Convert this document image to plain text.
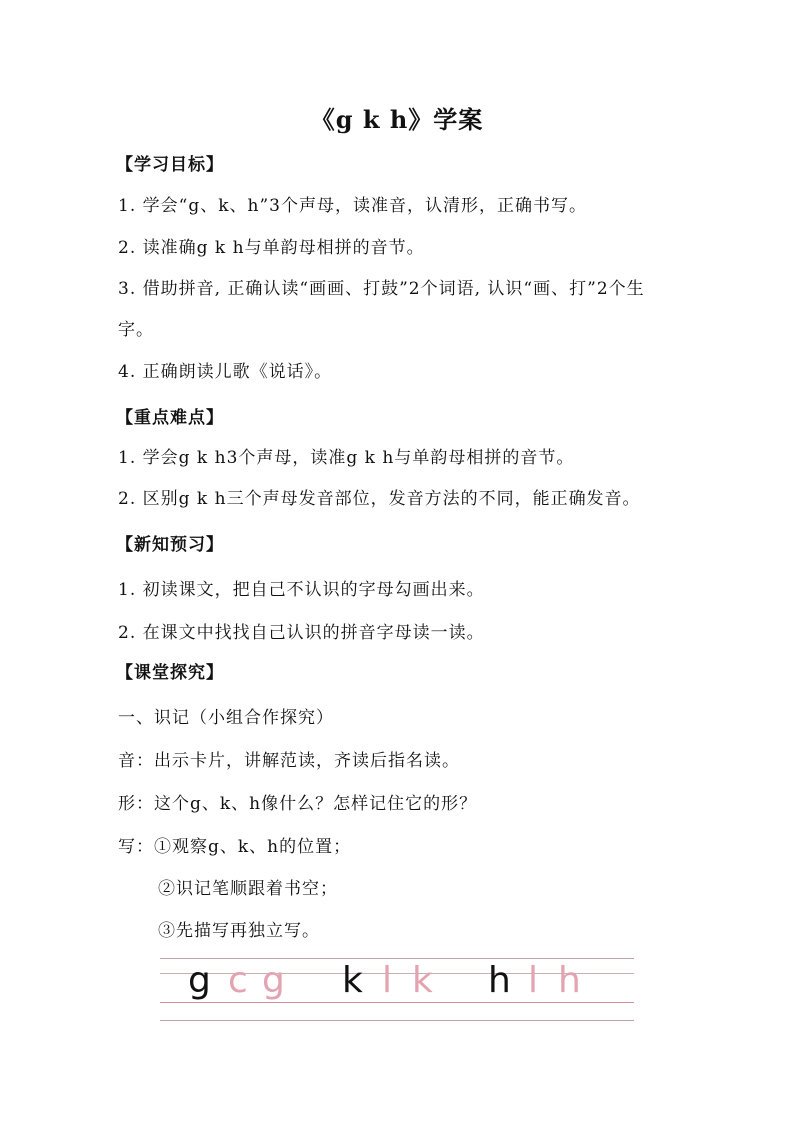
《g k h》学案
【学习目标】
1. 学会“g、k、h”3个声母，读准音，认清形，正确书写。
2. 读准确g k h与单韵母相拼的音节。
3. 借助拼音, 正确认读“画画、打鼓”2个词语, 认识“画、打”2个生
字。
4. 正确朗读儿歌《说话》。
【重点难点】
1. 学会g k h3个声母，读准g k h与单韵母相拼的音节。
2. 区别g k h三个声母发音部位，发音方法的不同，能正确发音。
【新知预习】
1. 初读课文，把自己不认识的字母勾画出来。
2. 在课文中找找自己认识的拼音字母读一读。
【课堂探究】
一、识记（小组合作探究）
音：出示卡片，讲解范读，齐读后指名读。
形：这个g、k、h像什么？怎样记住它的形？
写：①观察g、k、h的位置；
②识记笔顺跟着书空；
③先描写再独立写。
g c g k l k h l h
